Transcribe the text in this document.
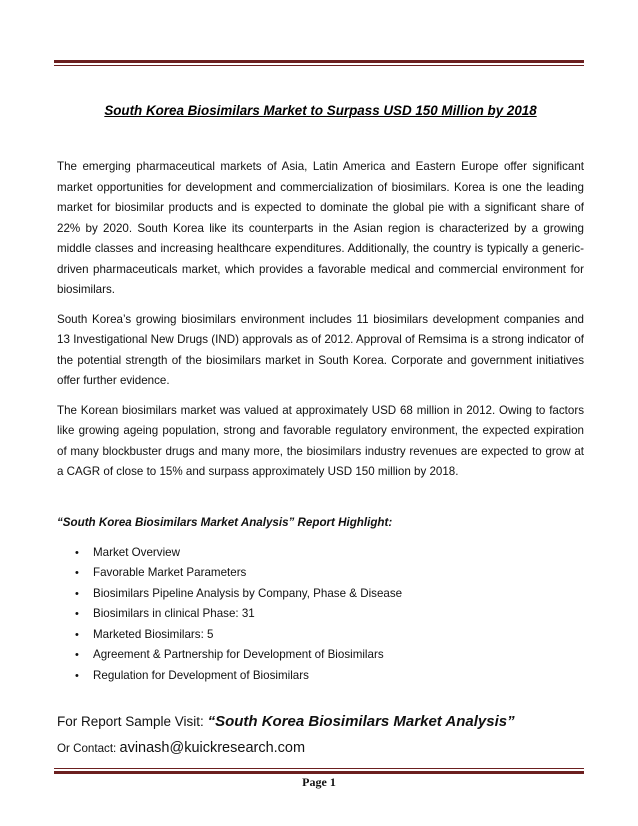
South Korea Biosimilars Market to Surpass USD 150 Million by 2018

The emerging pharmaceutical markets of Asia, Latin America and Eastern Europe offer significant market opportunities for development and commercialization of biosimilars. Korea is one the leading market for biosimilar products and is expected to dominate the global pie with a significant share of 22% by 2020. South Korea like its counterparts in the Asian region is characterized by a growing middle classes and increasing healthcare expenditures. Additionally, the country is typically a generic-driven pharmaceuticals market, which provides a favorable medical and commercial environment for biosimilars.

South Korea’s growing biosimilars environment includes 11 biosimilars development companies and 13 Investigational New Drugs (IND) approvals as of 2012. Approval of Remsima is a strong indicator of the potential strength of the biosimilars market in South Korea. Corporate and government initiatives offer further evidence.

The Korean biosimilars market was valued at approximately USD 68 million in 2012. Owing to factors like growing ageing population, strong and favorable regulatory environment, the expected expiration of many blockbuster drugs and many more, the biosimilars industry revenues are expected to grow at a CAGR of close to 15% and surpass approximately USD 150 million by 2018.

“South Korea Biosimilars Market Analysis” Report Highlight:
• Market Overview
• Favorable Market Parameters
• Biosimilars Pipeline Analysis by Company, Phase & Disease
• Biosimilars in clinical Phase: 31
• Marketed Biosimilars: 5
• Agreement & Partnership for Development of Biosimilars
• Regulation for Development of Biosimilars
For Report Sample Visit: “South Korea Biosimilars Market Analysis”
Or Contact: avinash@kuickresearch.com
Page 1
